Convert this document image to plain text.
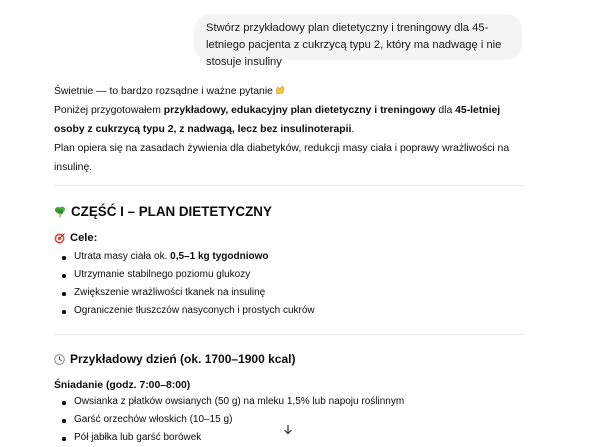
Stwórz przykładowy plan dietetyczny i treningowy dla 45-letniego pacjenta z cukrzycą typu 2, który ma nadwagę i nie stosuje insuliny

Świetnie — to bardzo rozsądne i ważne pytanie

Poniżej przygotowałem przykładowy, edukacyjny plan dietetyczny i treningowy dla 45-letniej osoby z cukrzycą typu 2, z nadwagą, lecz bez insulinoterapii.

Plan opiera się na zasadach żywienia dla diabetyków, redukcji masy ciała i poprawy wrażliwości na insulinę.

CZĘŚĆ I – PLAN DIETETYCZNY
Cele:
Utrata masy ciała ok. 0,5–1 kg tygodniowo
Utrzymanie stabilnego poziomu glukozy
Zwiększenie wrażliwości tkanek na insulinę
Ograniczenie tłuszczów nasyconych i prostych cukrów
Przykładowy dzień (ok. 1700–1900 kcal)
Śniadanie (godz. 7:00–8:00)
Owsianka z płatków owsianych (50 g) na mleku 1,5% lub napoju roślinnym
Garść orzechów włoskich (10–15 g)
Pół jabłka lub garść borówek
